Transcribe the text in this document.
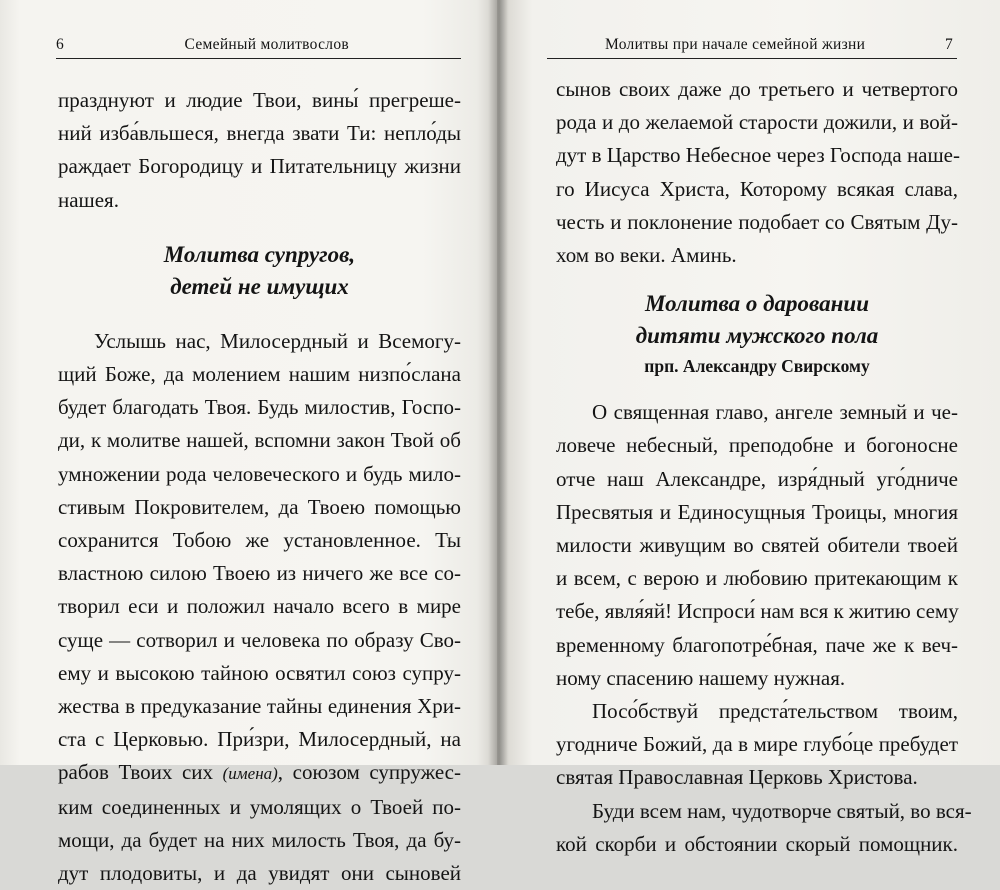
6	Семейный молитвослов
празднуют и людие Твои, вины́ прегреше-
ний изба́вльшеся, внегда звати Ти: непло́ды
раждает Богородицу и Питательницу жизни
нашея.
Молитва супругов,
детей не имущих
Услышь нас, Милосердный и Всемогу-
щий Боже, да молением нашим низпо́слана
будет благодать Твоя. Будь милостив, Госпо-
ди, к молитве нашей, вспомни закон Твой об
умножении рода человеческого и будь мило-
стивым Покровителем, да Твоею помощью
сохранится Тобою же установленное. Ты
властною силою Твоею из ничего же все со-
творил еси и положил начало всего в мире
суще — сотворил и человека по образу Сво-
ему и высокою тайною освятил союз супру-
жества в предуказание тайны единения Хри-
ста с Церковью. При́зри, Милосердный, на
рабов Твоих сих (имена), союзом супружес-
ким соединенных и умолящих о Твоей по-
мощи, да будет на них милость Твоя, да бу-
дут плодовиты, и да увидят они сыновей
Молитвы при начале семейной жизни	7
сынов своих даже до третьего и четвертого
рода и до желаемой старости дожили, и вой-
дут в Царство Небесное через Господа наше-
го Иисуса Христа, Которому всякая слава,
честь и поклонение подобает со Святым Ду-
хом во веки. Аминь.
Молитва о даровании
дитяти мужского пола
прп. Александру Свирскому
О священная главо, ангеле земный и че-
ловече небесный, преподобне и богоносне
отче наш Александре, изря́дный уго́дниче
Пресвятыя и Единосущныя Троицы, многия
милости живущим во святей обители твоей
и всем, с верою и любовию притекающим к
тебе, явля́яй! Испроси́ нам вся к житию сему
временному благопотре́бная, паче же к веч-
ному спасению нашему нужная.
Посо́бствуй предста́тельством твоим,
угодниче Божий, да в мире глубо́це пребудет
святая Православная Церковь Христова.
Буди всем нам, чудотворче святый, во вся-
кой скорби и обстоянии скорый помощник.
